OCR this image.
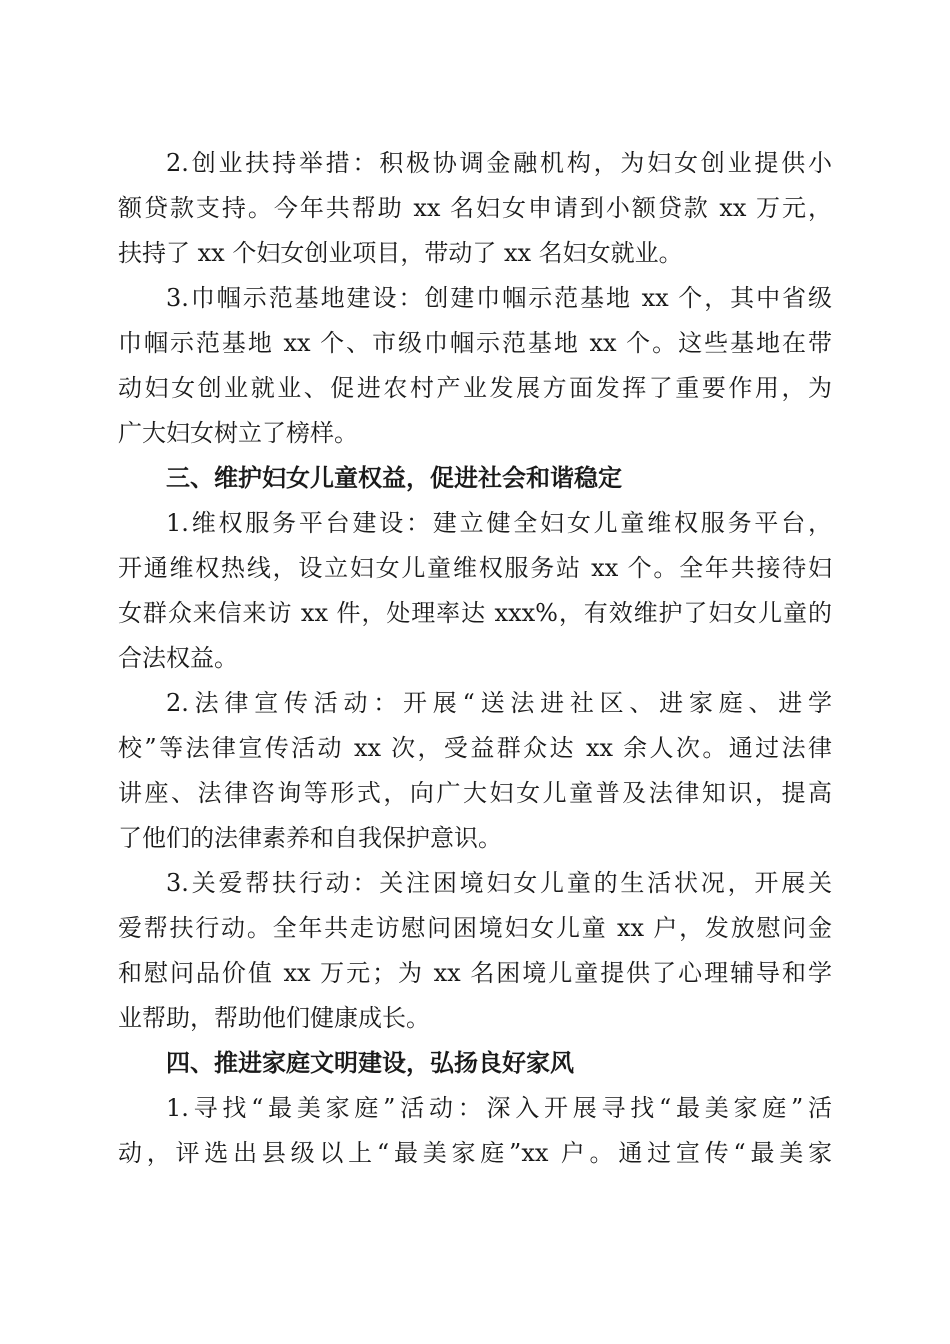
2.创业扶持举措：积极协调金融机构，为妇女创业提供小
额贷款支持。今年共帮助 xx 名妇女申请到小额贷款 xx 万元，
扶持了 xx 个妇女创业项目，带动了 xx 名妇女就业。
3.巾帼示范基地建设：创建巾帼示范基地 xx 个，其中省级
巾帼示范基地 xx 个、市级巾帼示范基地 xx 个。这些基地在带
动妇女创业就业、促进农村产业发展方面发挥了重要作用，为
广大妇女树立了榜样。
三、维护妇女儿童权益，促进社会和谐稳定
1.维权服务平台建设：建立健全妇女儿童维权服务平台，
开通维权热线，设立妇女儿童维权服务站 xx 个。全年共接待妇
女群众来信来访 xx 件，处理率达 xxx%，有效维护了妇女儿童的
合法权益。
2.法律宣传活动：开展“送法进社区、进家庭、进学
校”等法律宣传活动 xx 次，受益群众达 xx 余人次。通过法律
讲座、法律咨询等形式，向广大妇女儿童普及法律知识，提高
了他们的法律素养和自我保护意识。
3.关爱帮扶行动：关注困境妇女儿童的生活状况，开展关
爱帮扶行动。全年共走访慰问困境妇女儿童 xx 户，发放慰问金
和慰问品价值 xx 万元；为 xx 名困境儿童提供了心理辅导和学
业帮助，帮助他们健康成长。
四、推进家庭文明建设，弘扬良好家风
1.寻找“最美家庭”活动：深入开展寻找“最美家庭”活
动，评选出县级以上“最美家庭”xx 户。通过宣传“最美家
